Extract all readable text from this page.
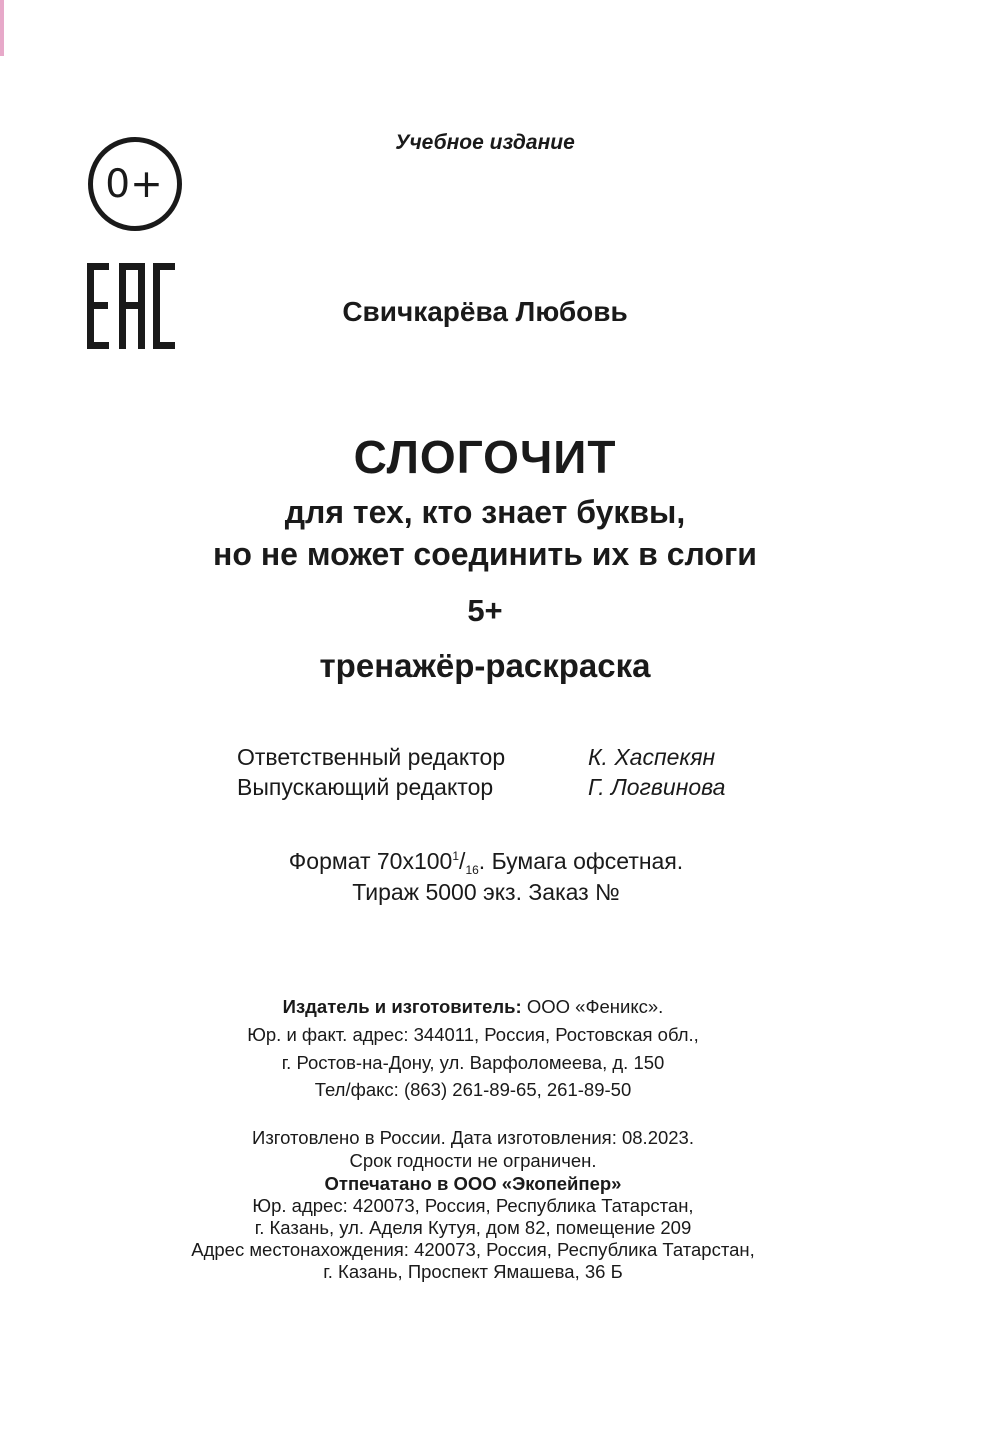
0+
Учебное издание
Свичкарёва Любовь
СЛОГОЧИТ
для тех, кто знает буквы,
но не может соединить их в слоги
5+
тренажёр-раскраска
Ответственный редактор	К. Хаспекян
Выпускающий редактор	Г. Логвинова
Формат $70х100^1/_{16}$. Бумага офсетная.
Тираж 5000 экз. Заказ №
Издатель и изготовитель: ООО «Феникс».
Юр. и факт. адрес: 344011, Россия, Ростовская обл.,
г. Ростов-на-Дону, ул. Варфоломеева, д. 150
Тел/факс: (863) 261-89-65, 261-89-50
Изготовлено в России. Дата изготовления: 08.2023.
Срок годности не ограничен.
Отпечатано в ООО «Экопейпер»
Юр. адрес: 420073, Россия, Республика Татарстан,
г. Казань, ул. Аделя Кутуя, дом 82, помещение 209
Адрес местонахождения: 420073, Россия, Республика Татарстан,
г. Казань, Проспект Ямашева, 36 Б
